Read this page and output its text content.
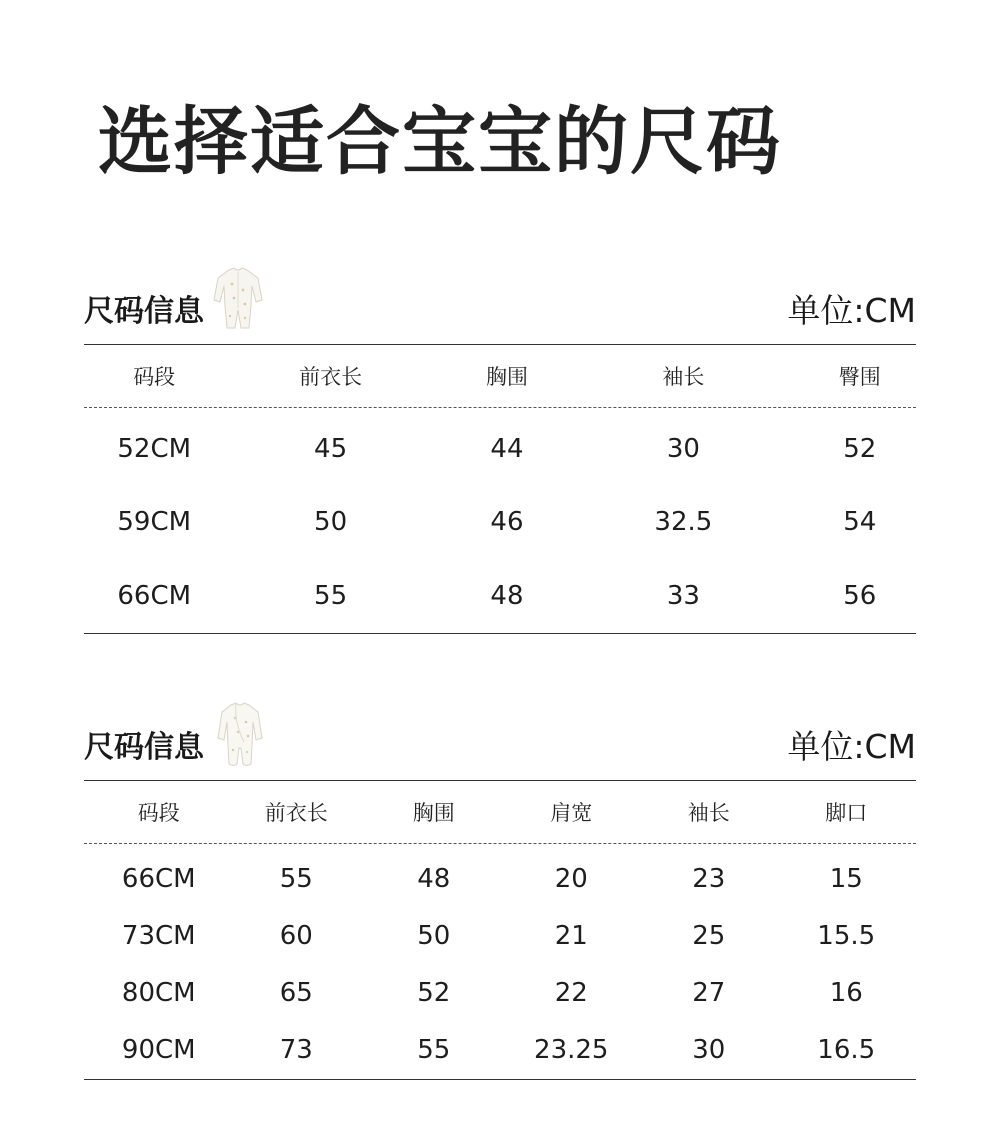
选择适合宝宝的尺码
尺码信息	单位:CM
码段	前衣长	胸围	袖长	臀围
52CM	45	44	30	52
59CM	50	46	32.5	54
66CM	55	48	33	56
尺码信息	单位:CM
码段	前衣长	胸围	肩宽	袖长	脚口
66CM	55	48	20	23	15
73CM	60	50	21	25	15.5
80CM	65	52	22	27	16
90CM	73	55	23.25	30	16.5
